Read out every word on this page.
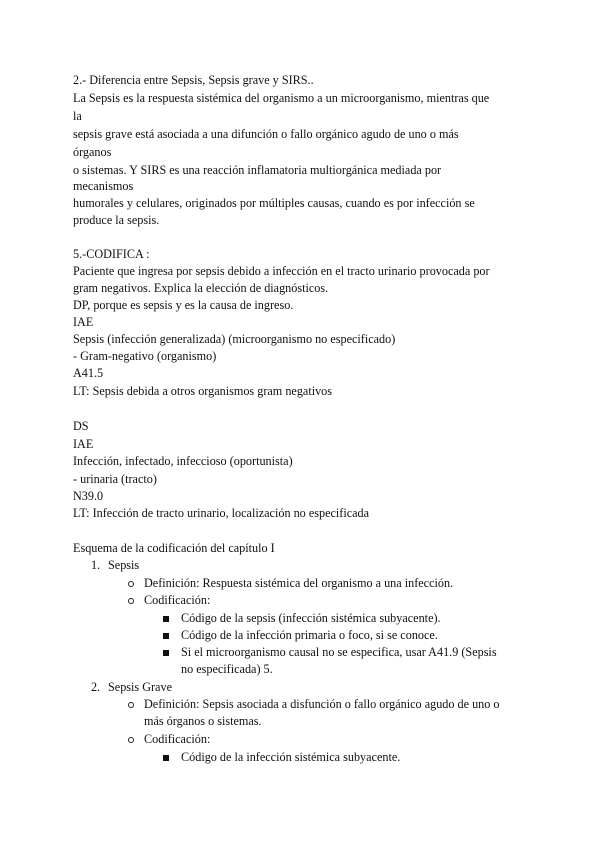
2.- Diferencia entre Sepsis, Sepsis grave y SIRS..
La Sepsis es la respuesta sistémica del organismo a un microorganismo, mientras que
la
sepsis grave está asociada a una difunción o fallo orgánico agudo de uno o más
órganos
o sistemas. Y SIRS es una reacción inflamatoria multiorgánica mediada por
mecanismos
humorales y celulares, originados por múltiples causas, cuando es por infección se
produce la sepsis.
5.-CODIFICA :
Paciente que ingresa por sepsis debido a infección en el tracto urinario provocada por
gram negativos. Explica la elección de diagnósticos.
DP, porque es sepsis y es la causa de ingreso.
IAE
Sepsis (infección generalizada) (microorganismo no especificado)
- Gram-negativo (organismo)
A41.5
LT: Sepsis debida a otros organismos gram negativos
DS
IAE
Infección, infectado, infeccioso (oportunista)
- urinaria (tracto)
N39.0
LT: Infección de tracto urinario, localización no especificada
Esquema de la codificación del capítulo I
1. Sepsis
Definición: Respuesta sistémica del organismo a una infección.
Codificación:
Código de la sepsis (infección sistémica subyacente).
Código de la infección primaria o foco, si se conoce.
Si el microorganismo causal no se especifica, usar A41.9 (Sepsis
no especificada) 5.
2. Sepsis Grave
Definición: Sepsis asociada a disfunción o fallo orgánico agudo de uno o
más órganos o sistemas.
Codificación:
Código de la infección sistémica subyacente.
